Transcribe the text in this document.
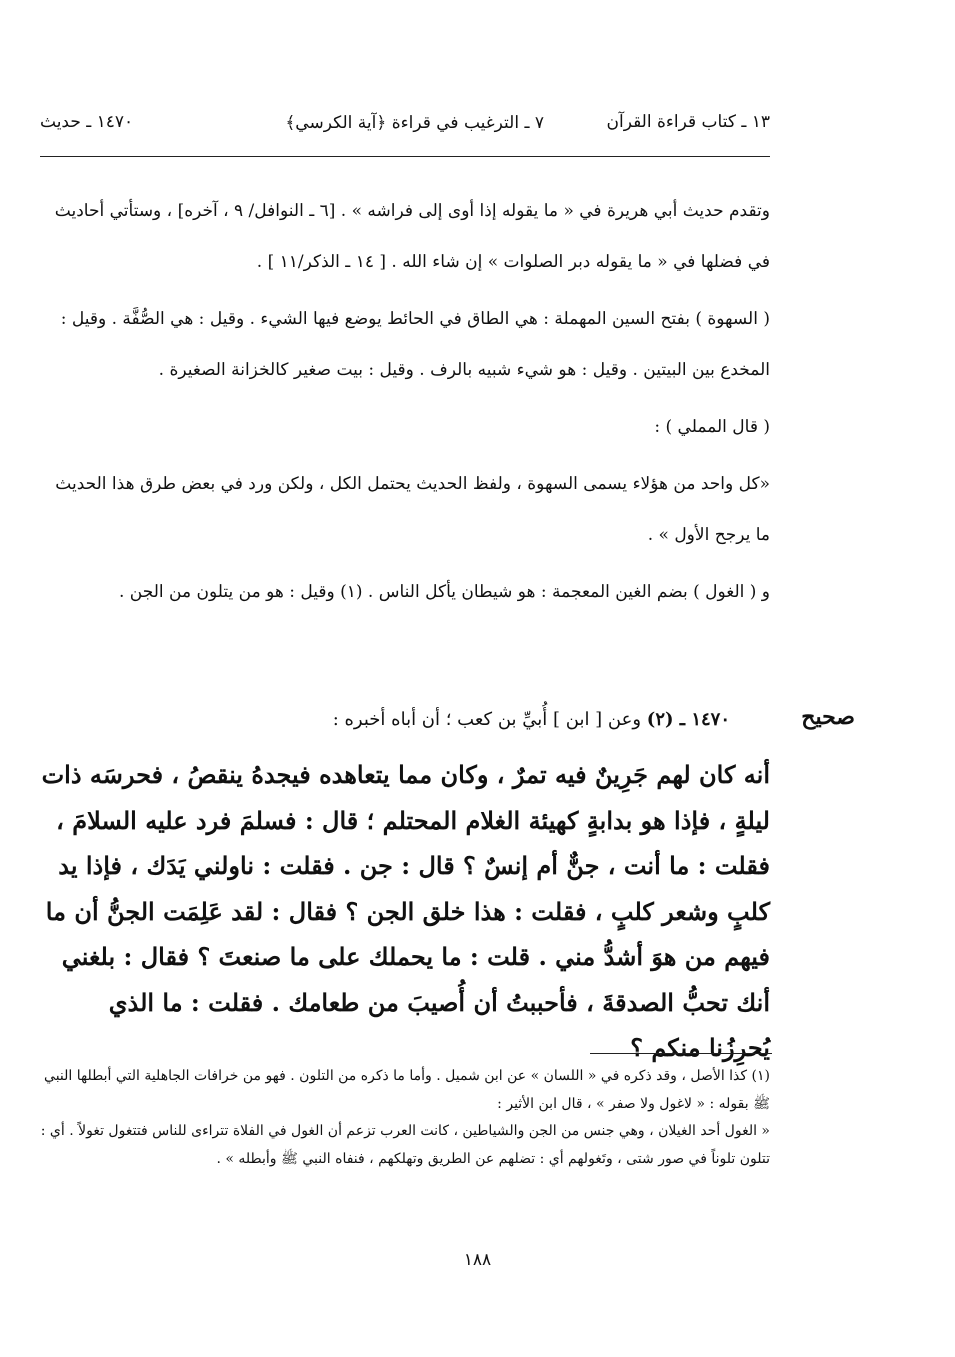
١٣ ـ كتاب قراءة القرآن
٧ ـ الترغيب في قراءة ﴿آية الكرسي﴾
١٤٧٠ ـ حديث

وتقدم حديث أبي هريرة في « ما يقوله إذا أوى إلى فراشه » . [٦ ـ النوافل/ ٩ ، آخره] ، وستأتي أحاديث في فضلها في « ما يقوله دبر الصلوات » إن شاء الله . [ ١٤ ـ الذكر/١١ ] .

( السهوة ) بفتح السين المهملة : هي الطاق في الحائط يوضع فيها الشيء . وقيل : هي الصُّفَّة . وقيل : المخدع بين البيتين . وقيل : هو شيء شبيه بالرف . وقيل : بيت صغير كالخزانة الصغيرة .

( قال المملي ) :

«كل واحد من هؤلاء يسمى السهوة ، ولفظ الحديث يحتمل الكل ، ولكن ورد في بعض طرق هذا الحديث ما يرجح الأول » .

و ( الغول ) بضم الغين المعجمة : هو شيطان يأكل الناس . (١) وقيل : هو من يتلون من الجن .

صحيح

١٤٧٠ ـ (٢) وعن [ ابن ] أُبيِّ بن كعب ؛ أن أباه أخبره :

أنه كان لهم جَرِينٌ فيه تمرٌ ، وكان مما يتعاهده فيجدهُ ينقصُ ، فحرسَه ذات ليلةٍ ، فإذا هو بدابةٍ كهيئة الغلام المحتلم ؛ قال : فسلمَ فرد عليه السلامَ ، فقلت : ما أنت ، جنٌّ أم إنسٌ ؟ قال : جن . فقلت : ناولني يَدَك ، فإذا يد كلبٍ وشعر كلبٍ ، فقلت : هذا خلق الجن ؟ فقال : لقد عَلِمَت الجنُّ أن ما فيهم من هوَ أشدُّ مني . قلت : ما يحملك على ما صنعتَ ؟ فقال : بلغني أنك تحبُّ الصدقةَ ، فأحببتُ أن أُصيبَ من طعامك . فقلت : ما الذي يُحرِزُنا منكم ؟

(١) كذا الأصل ، وقد ذكره في « اللسان » عن ابن شميل . وأما ما ذكره من التلون . فهو من خرافات الجاهلية التي أبطلها النبي ﷺ بقوله : « لاغول ولا صفر » ، قال ابن الأثير :

« الغول أحد الغيلان ، وهي جنس من الجن والشياطين ، كانت العرب تزعم أن الغول في الفلاة تتراءى للناس فتتغول تغولاً . أي : تتلون تلوناً في صور شتى ، وتَغولهم أي : تضلهم عن الطريق وتهلكهم ، فنفاه النبي ﷺ وأبطله » .

١٨٨
